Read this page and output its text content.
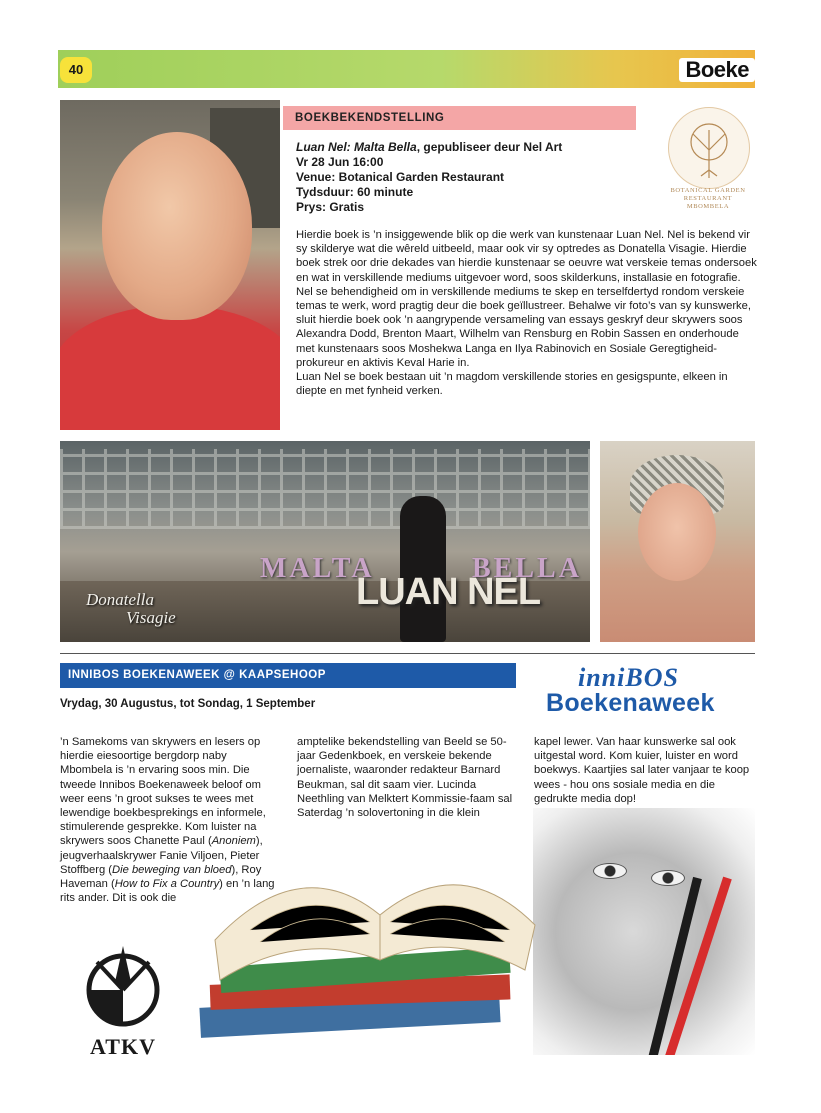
40	Boeke
BOEKBEKENDSTELLING
BOTANICAL GARDEN
RESTAURANT
MBOMBELA
Luan Nel: Malta Bella, gepubliseer deur Nel Art
Vr 28 Jun 16:00
Venue: Botanical Garden Restaurant
Tydsduur: 60 minute
Prys: Gratis

Hierdie boek is ’n insiggewende blik op die werk van kunstenaar Luan Nel. Nel is bekend vir sy skilderye wat die wêreld uitbeeld, maar ook vir sy optredes as Donatella Visagie. Hierdie boek strek oor drie dekades van hierdie kunstenaar se oeuvre wat verskeie temas ondersoek en wat in verskillende mediums uitgevoer word, soos skilderkuns, installasie en fotografie.

Nel se behendigheid om in verskillende mediums te skep en terselfdertyd rondom verskeie temas te werk, word pragtig deur die boek geïllustreer. Behalwe vir foto’s van sy kunswerke, sluit hierdie boek ook ’n aangrypende versameling van essays geskryf deur skrywers soos Alexandra Dodd, Brenton Maart, Wilhelm van Rensburg en Robin Sassen en onderhoude met kunstenaars soos Moshekwa Langa en Ilya Rabinovich en Sosiale Geregtigheid-prokureur en aktivis Keval Harie in.

Luan Nel se boek bestaan uit ’n magdom verskillende stories en gesigspunte, elkeen in diepte en met fynheid verken.

MALTA	BELLA
LUAN NEL
Donatella
Visagie
INNIBOS BOEKENAWEEK @ KAAPSEHOOP	inniBOS
Boekenaweek
Vrydag, 30 Augustus, tot Sondag, 1 September

’n Samekoms van skrywers en lesers op hierdie eiesoortige bergdorp naby Mbombela is ’n ervaring soos min. Die tweede Innibos Boekenaweek beloof om weer eens ’n groot sukses te wees met lewendige boekbesprekings en informele, stimulerende gesprekke. Kom luister na skrywers soos Chanette Paul (Anoniem), jeugverhaalskrywer Fanie Viljoen, Pieter Stoffberg (Die beweging van bloed), Roy Haveman (How to Fix a Country) en ’n lang rits ander. Dit is ook die

amptelike bekendstelling van Beeld se 50-jaar Gedenkboek, en verskeie bekende joernaliste, waaronder redakteur Barnard Beukman, sal dit saam vier. Lucinda Neethling van Melktert Kommissie-faam sal Saterdag ’n solovertoning in die klein

kapel lewer. Van haar kunswerke sal ook uitgestal word. Kom kuier, luister en word boekwys. Kaartjies sal later vanjaar te koop wees - hou ons sosiale media en die gedrukte media dop!

ATKV
